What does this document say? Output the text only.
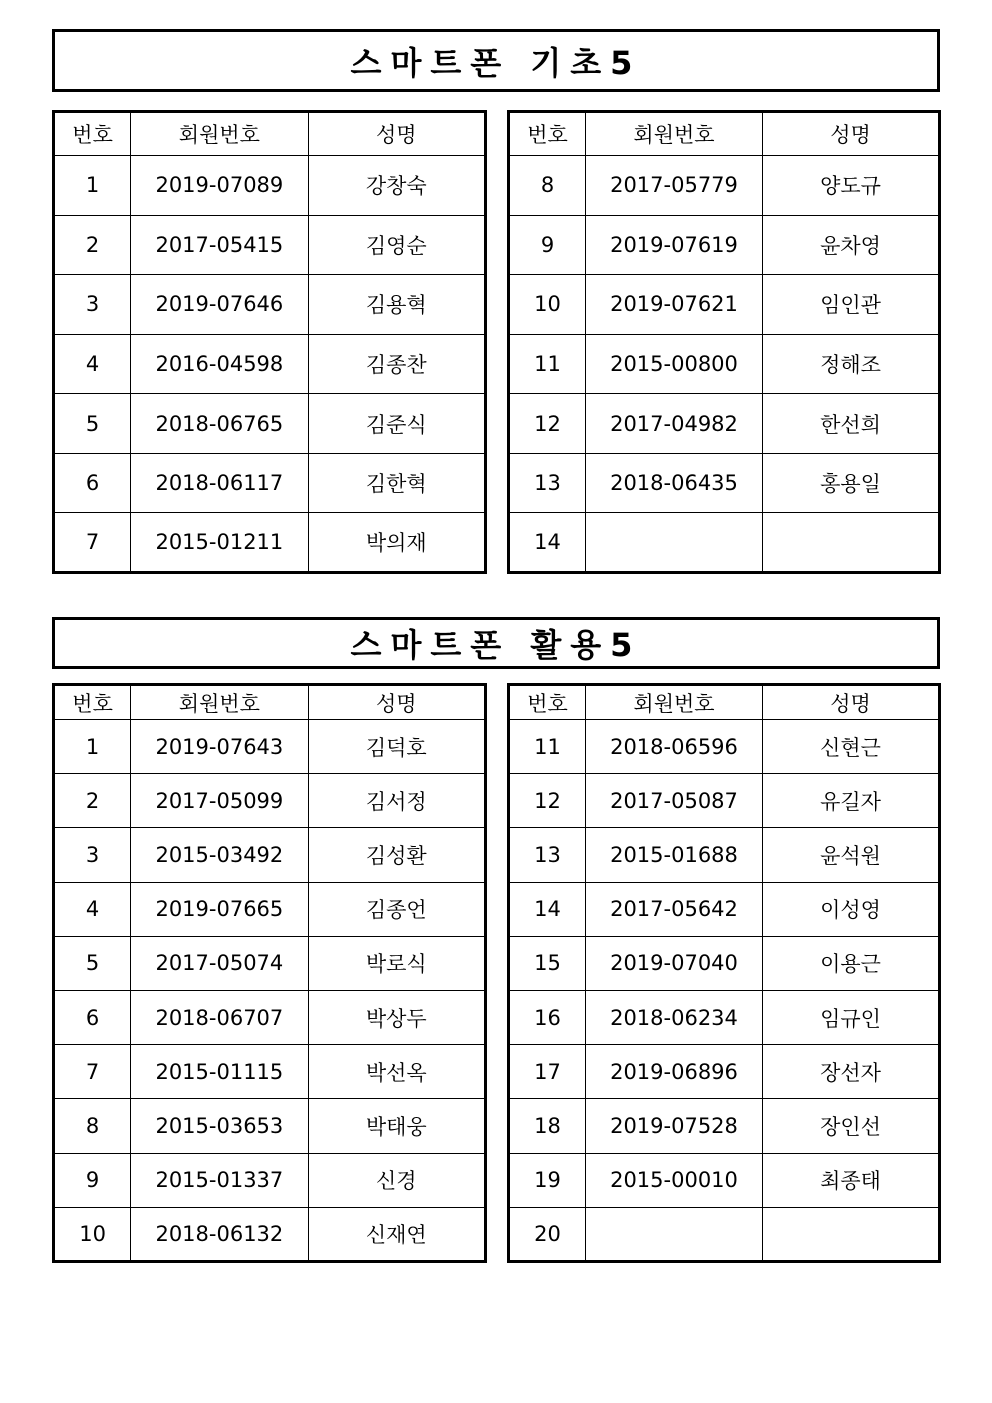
스마트폰 기초5
번호	회원번호	성명
1	2019-07089	강창숙
2	2017-05415	김영순
3	2019-07646	김용혁
4	2016-04598	김종찬
5	2018-06765	김준식
6	2018-06117	김한혁
7	2015-01211	박의재
번호	회원번호	성명
8	2017-05779	양도규
9	2019-07619	윤차영
10	2019-07621	임인관
11	2015-00800	정해조
12	2017-04982	한선희
13	2018-06435	홍용일
14		
스마트폰 활용5
번호	회원번호	성명
1	2019-07643	김덕호
2	2017-05099	김서정
3	2015-03492	김성환
4	2019-07665	김종언
5	2017-05074	박로식
6	2018-06707	박상두
7	2015-01115	박선옥
8	2015-03653	박태웅
9	2015-01337	신경
10	2018-06132	신재연
번호	회원번호	성명
11	2018-06596	신현근
12	2017-05087	유길자
13	2015-01688	윤석원
14	2017-05642	이성영
15	2019-07040	이용근
16	2018-06234	임규인
17	2019-06896	장선자
18	2019-07528	장인선
19	2015-00010	최종태
20		
